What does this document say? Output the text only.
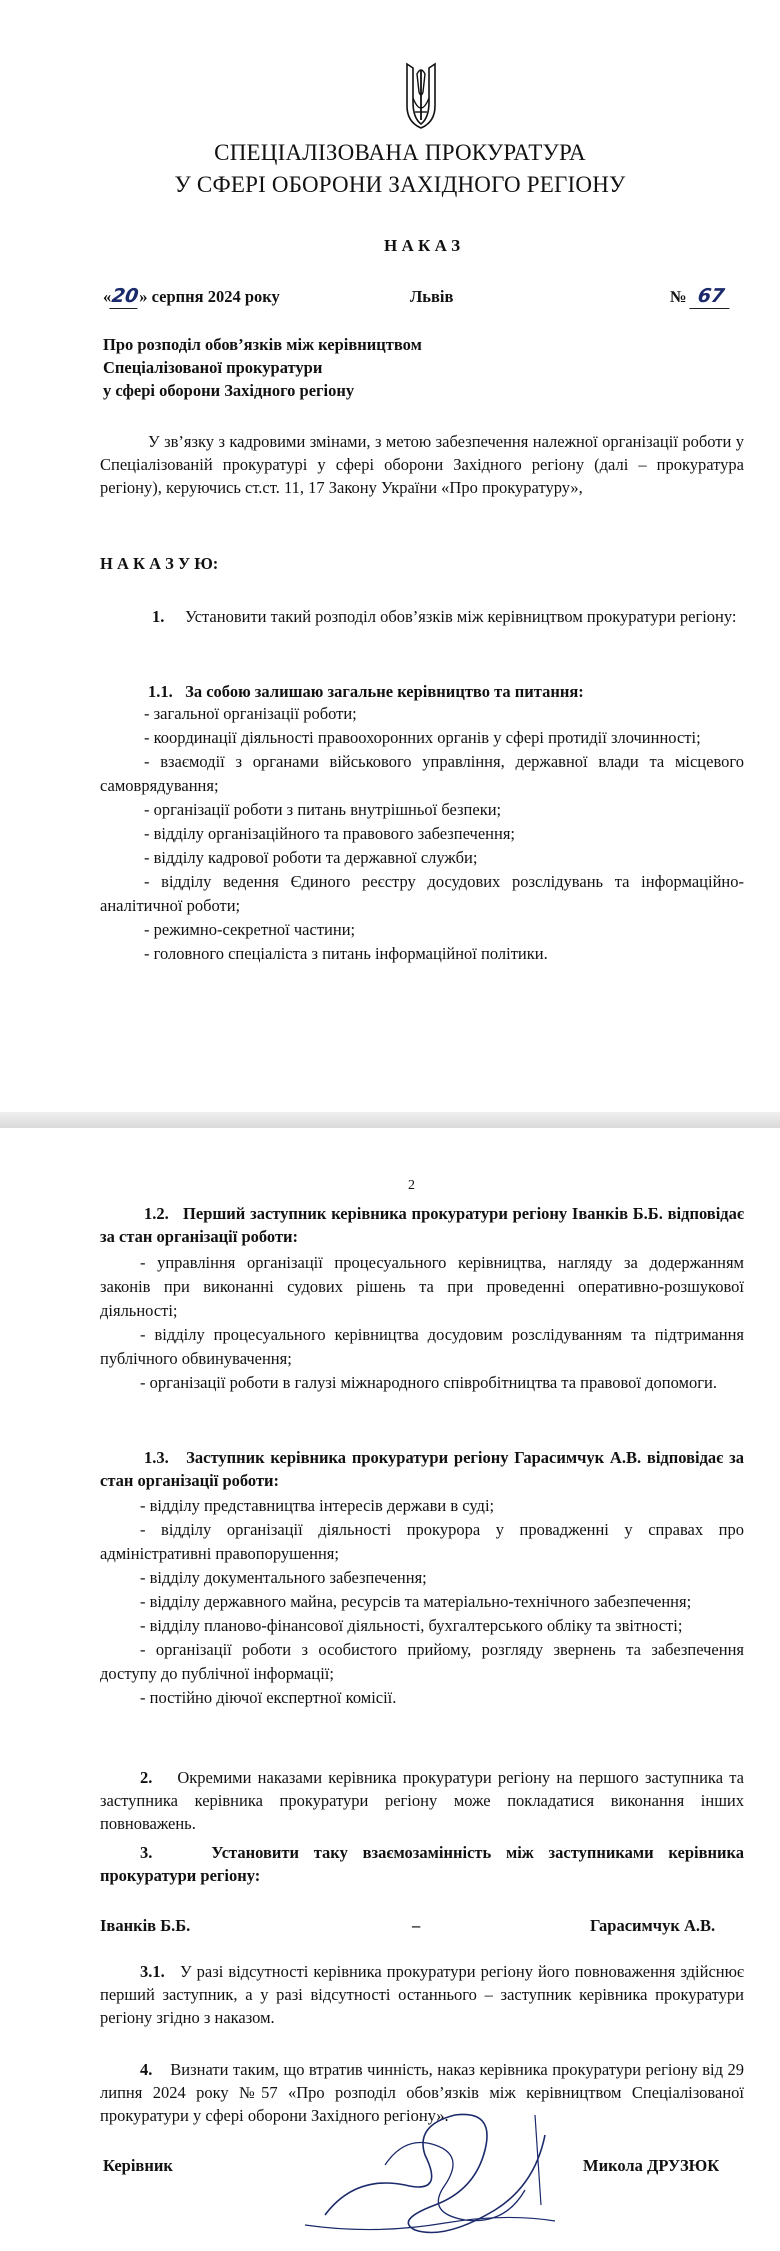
СПЕЦІАЛІЗОВАНА ПРОКУРАТУРА
У СФЕРІ ОБОРОНИ ЗАХІДНОГО РЕГІОНУ
Н А К А З
«20» серпня 2024 року	Львів	№ 67
Про розподіл обов’язків між керівництвом
Спеціалізованої прокуратури
у сфері оборони Західного регіону
У зв’язку з кадровими змінами, з метою забезпечення належної організації роботи у Спеціалізованій прокуратурі у сфері оборони Західного регіону (далі – прокуратура регіону), керуючись ст.ст. 11, 17 Закону України «Про прокуратуру»,
Н А К А З У Ю:
1. Установити такий розподіл обов’язків між керівництвом прокуратури регіону:
1.1. За собою залишаю загальне керівництво та питання:
- загальної організації роботи;
- координації діяльності правоохоронних органів у сфері протидії злочинності;
- взаємодії з органами військового управління, державної влади та місцевого самоврядування;
- організації роботи з питань внутрішньої безпеки;
- відділу організаційного та правового забезпечення;
- відділу кадрової роботи та державної служби;
- відділу ведення Єдиного реєстру досудових розслідувань та інформаційно-аналітичної роботи;
- режимно-секретної частини;
- головного спеціаліста з питань інформаційної політики.
2
1.2. Перший заступник керівника прокуратури регіону Іванків Б.Б. відповідає за стан організації роботи:
- управління організації процесуального керівництва, нагляду за додержанням законів при виконанні судових рішень та при проведенні оперативно-розшукової діяльності;
- відділу процесуального керівництва досудовим розслідуванням та підтримання публічного обвинувачення;
- організації роботи в галузі міжнародного співробітництва та правової допомоги.
1.3. Заступник керівника прокуратури регіону Гарасимчук А.В. відповідає за стан організації роботи:
- відділу представництва інтересів держави в суді;
- відділу організації діяльності прокурора у провадженні у справах про адміністративні правопорушення;
- відділу документального забезпечення;
- відділу державного майна, ресурсів та матеріально-технічного забезпечення;
- відділу планово-фінансової діяльності, бухгалтерського обліку та звітності;
- організації роботи з особистого прийому, розгляду звернень та забезпечення доступу до публічної інформації;
- постійно діючої експертної комісії.
2. Окремими наказами керівника прокуратури регіону на першого заступника та заступника керівника прокуратури регіону може покладатися виконання інших повноважень.
3.	Установити таку взаємозамінність між заступниками керівника прокуратури регіону:
Іванків Б.Б.	–	Гарасимчук А.В.
3.1. У разі відсутності керівника прокуратури регіону його повноваження здійснює перший заступник, а у разі відсутності останнього – заступник керівника прокуратури регіону згідно з наказом.
4. Визнати таким, що втратив чинність, наказ керівника прокуратури регіону від 29 липня 2024 року №57 «Про розподіл обов’язків між керівництвом Спеціалізованої прокуратури у сфері оборони Західного регіону».
Керівник	Микола ДРУЗЮК
